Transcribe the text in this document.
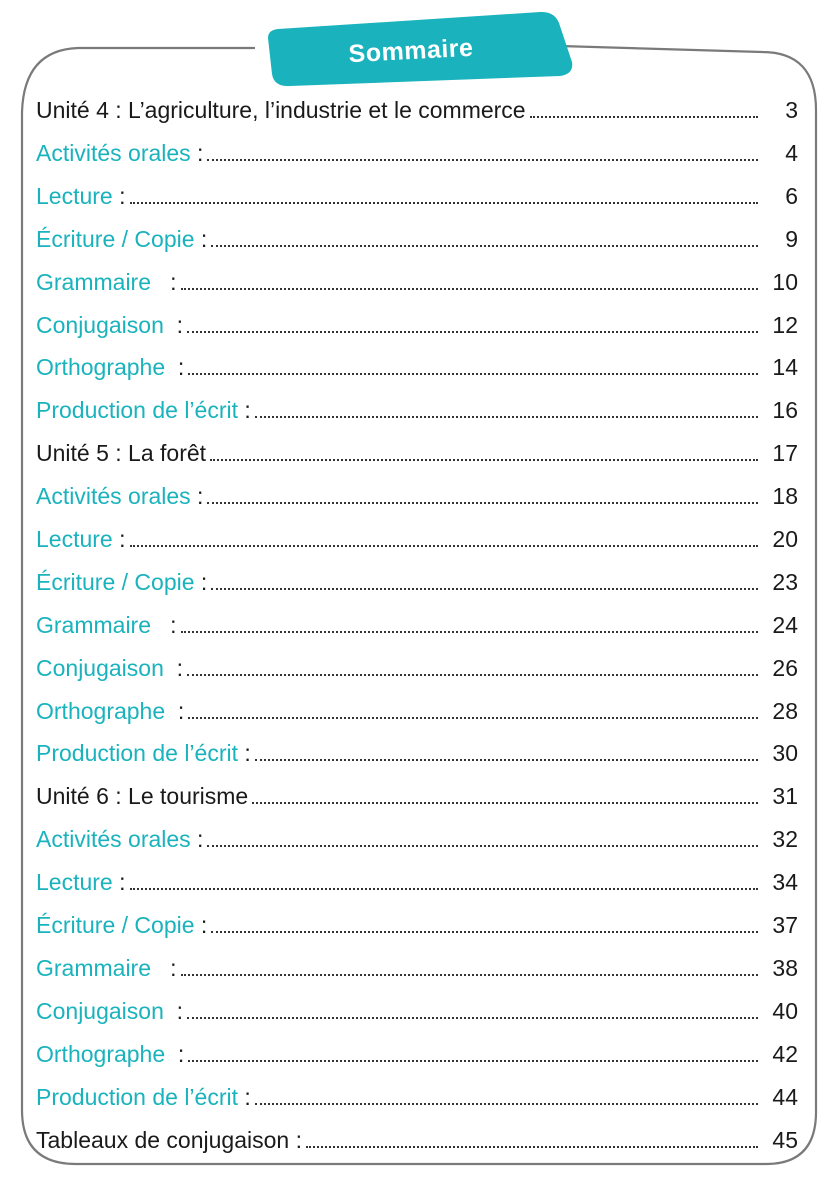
Sommaire
Unité 4 : L’agriculture, l’industrie et le commerce	3
Activités orales :	4
Lecture :	6
Écriture / Copie :	9
Grammaire :	10
Conjugaison :	12
Orthographe :	14
Production de l’écrit :	16
Unité 5 : La forêt	17
Activités orales :	18
Lecture :	20
Écriture / Copie :	23
Grammaire :	24
Conjugaison :	26
Orthographe :	28
Production de l’écrit :	30
Unité 6 : Le tourisme	31
Activités orales :	32
Lecture :	34
Écriture / Copie :	37
Grammaire :	38
Conjugaison :	40
Orthographe :	42
Production de l’écrit :	44
Tableaux de conjugaison :	45
